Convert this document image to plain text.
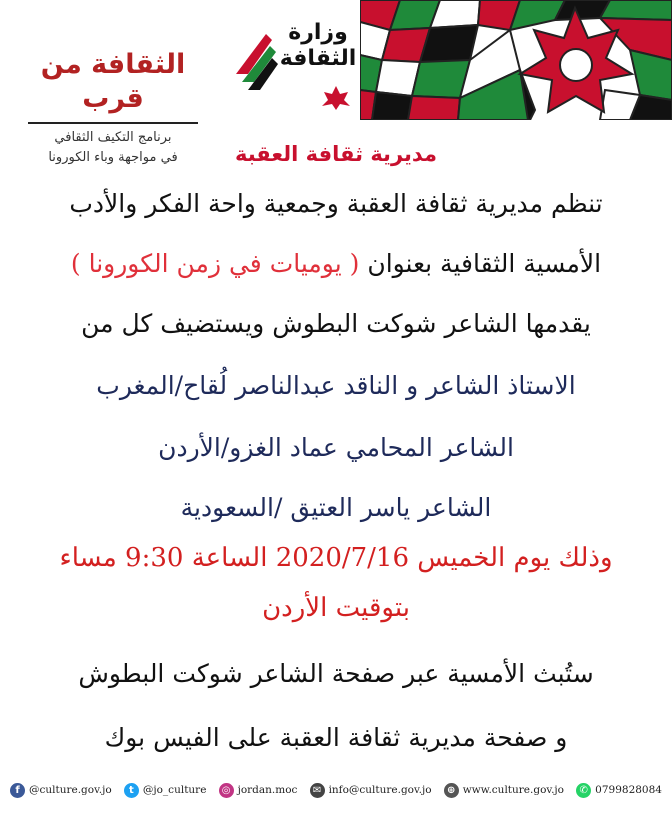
وزارة
الثقافة

الثقافة من قرب

برنامج التكيف الثقافي

في مواجهة وباء الكورونا	مديرية ثقافة العقبة

تنظم مديرية ثقافة العقبة وجمعية واحة الفكر والأدب

الأمسية الثقافية بعنوان ( يوميات في زمن الكورونا )

يقدمها الشاعر شوكت البطوش ويستضيف كل من

الاستاذ الشاعر و الناقد عبدالناصر لُقاح/المغرب

الشاعر المحامي عماد الغزو/الأردن

الشاعر ياسر العتيق /السعودية

وذلك يوم الخميس 2020/7/16 الساعة 9:30 مساء

بتوقيت الأردن

ستُبث الأمسية عبر صفحة الشاعر شوكت البطوش

و صفحة مديرية ثقافة العقبة على الفيس بوك

f @culture.gov.jo	t @jo_culture	◎ jordan.moc	✉ info@culture.gov.jo	⊕ www.culture.gov.jo	✆ 0799828084
